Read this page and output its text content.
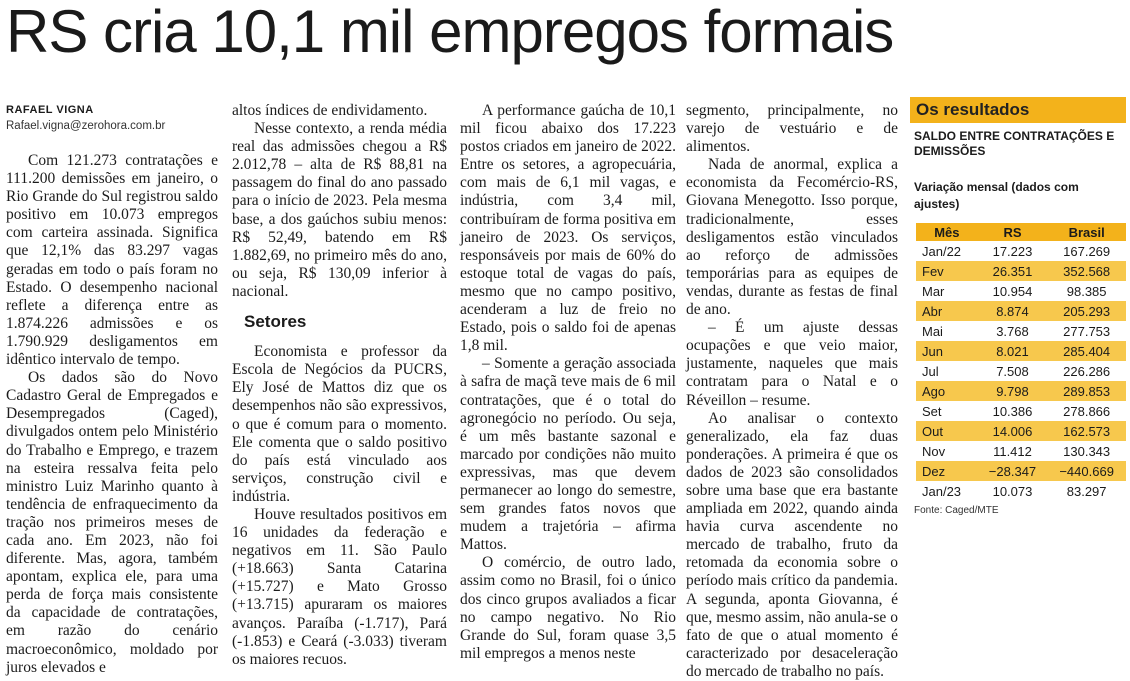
RS cria 10,1 mil empregos formais
RAFAEL VIGNA
Rafael.vigna@zerohora.com.br

Com 121.273 contratações e 111.200 demissões em janeiro, o Rio Grande do Sul registrou saldo positivo em 10.073 empregos com carteira assinada. Significa que 12,1% das 83.297 vagas geradas em todo o país foram no Estado. O desempenho nacional reflete a diferença entre as 1.874.226 admissões e os 1.790.929 desligamentos em idêntico intervalo de tempo.

Os dados são do Novo Cadastro Geral de Empregados e Desempregados (Caged), divulgados ontem pelo Ministério do Trabalho e Emprego, e trazem na esteira ressalva feita pelo ministro Luiz Marinho quanto à tendência de enfraquecimento da tração nos primeiros meses de cada ano. Em 2023, não foi diferente. Mas, agora, também apontam, explica ele, para uma perda de força mais consistente da capacidade de contratações, em razão do cenário macroeconômico, moldado por juros elevados e

altos índices de endividamento.

Nesse contexto, a renda média real das admissões chegou a R$ 2.012,78 – alta de R$ 88,81 na passagem do final do ano passado para o início de 2023. Pela mesma base, a dos gaúchos subiu menos: R$ 52,49, batendo em R$ 1.882,69, no primeiro mês do ano, ou seja, R$ 130,09 inferior à nacional.

Setores

Economista e professor da Escola de Negócios da PUCRS, Ely José de Mattos diz que os desempenhos não são expressivos, o que é comum para o momento. Ele comenta que o saldo positivo do país está vinculado aos serviços, construção civil e indústria.

Houve resultados positivos em 16 unidades da federação e negativos em 11. São Paulo (+18.663) Santa Catarina (+15.727) e Mato Grosso (+13.715) apuraram os maiores avanços. Paraíba (-1.717), Pará (-1.853) e Ceará (-3.033) tiveram os maiores recuos.

A performance gaúcha de 10,1 mil ficou abaixo dos 17.223 postos criados em janeiro de 2022. Entre os setores, a agropecuária, com mais de 6,1 mil vagas, e indústria, com 3,4 mil, contribuíram de forma positiva em janeiro de 2023. Os serviços, responsáveis por mais de 60% do estoque total de vagas do país, mesmo que no campo positivo, acenderam a luz de freio no Estado, pois o saldo foi de apenas 1,8 mil.

– Somente a geração associada à safra de maçã teve mais de 6 mil contratações, que é o total do agronegócio no período. Ou seja, é um mês bastante sazonal e marcado por condições não muito expressivas, mas que devem permanecer ao longo do semestre, sem grandes fatos novos que mudem a trajetória – afirma Mattos.

O comércio, de outro lado, assim como no Brasil, foi o único dos cinco grupos avaliados a ficar no campo negativo. No Rio Grande do Sul, foram quase 3,5 mil empregos a menos neste

segmento, principalmente, no varejo de vestuário e de alimentos.

Nada de anormal, explica a economista da Fecomércio-RS, Giovana Menegotto. Isso porque, tradicionalmente, esses desligamentos estão vinculados ao reforço de admissões temporárias para as equipes de vendas, durante as festas de final de ano.

– É um ajuste dessas ocupações e que veio maior, justamente, naqueles que mais contratam para o Natal e o Réveillon – resume.

Ao analisar o contexto generalizado, ela faz duas ponderações. A primeira é que os dados de 2023 são consolidados sobre uma base que era bastante ampliada em 2022, quando ainda havia curva ascendente no mercado de trabalho, fruto da retomada da economia sobre o período mais crítico da pandemia. A segunda, aponta Giovanna, é que, mesmo assim, não anula-se o fato de que o atual momento é caracterizado por desaceleração do mercado de trabalho no país.

Os resultados
SALDO ENTRE CONTRATAÇÕES E DEMISSÕES
Variação mensal (dados com ajustes)
Mês	RS	Brasil
Jan/22	17.223	167.269
Fev	26.351	352.568
Mar	10.954	98.385
Abr	8.874	205.293
Mai	3.768	277.753
Jun	8.021	285.404
Jul	7.508	226.286
Ago	9.798	289.853
Set	10.386	278.866
Out	14.006	162.573
Nov	11.412	130.343
Dez	−28.347	−440.669
Jan/23	10.073	83.297
Fonte: Caged/MTE
